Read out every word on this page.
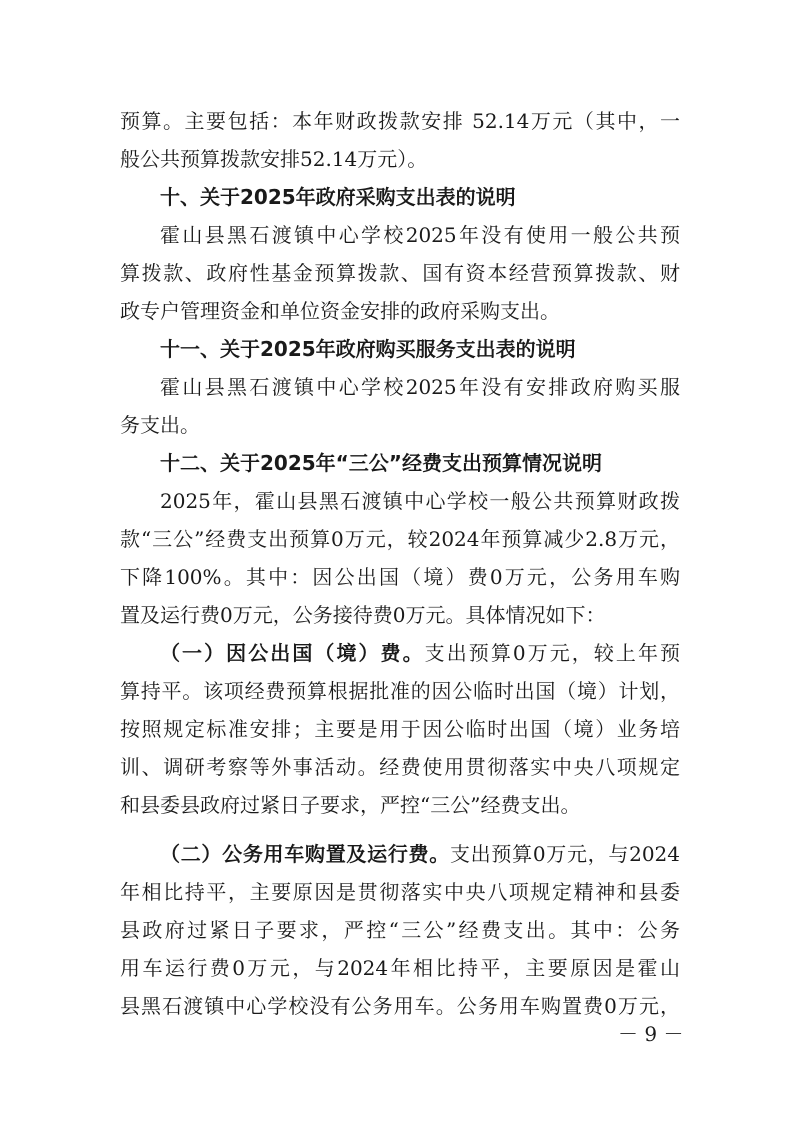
预算。主要包括：本年财政拨款安排 52.14万元（其中，一
般公共预算拨款安排52.14万元）。
十、关于2025年政府采购支出表的说明
霍山县黑石渡镇中心学校2025年没有使用一般公共预
算拨款、政府性基金预算拨款、国有资本经营预算拨款、财
政专户管理资金和单位资金安排的政府采购支出。
十一、关于2025年政府购买服务支出表的说明
霍山县黑石渡镇中心学校2025年没有安排政府购买服
务支出。
十二、关于2025年“三公”经费支出预算情况说明
2025年，霍山县黑石渡镇中心学校一般公共预算财政拨
款“三公”经费支出预算0万元，较2024年预算减少2.8万元，
下降100%。其中：因公出国（境）费0万元，公务用车购
置及运行费0万元，公务接待费0万元。具体情况如下：
（一）因公出国（境）费。支出预算0万元，较上年预
算持平。该项经费预算根据批准的因公临时出国（境）计划，
按照规定标准安排；主要是用于因公临时出国（境）业务培
训、调研考察等外事活动。经费使用贯彻落实中央八项规定
和县委县政府过紧日子要求，严控“三公”经费支出。
（二）公务用车购置及运行费。支出预算0万元，与2024
年相比持平，主要原因是贯彻落实中央八项规定精神和县委
县政府过紧日子要求，严控“三公”经费支出。其中：公务
用车运行费0万元，与2024年相比持平，主要原因是霍山
县黑石渡镇中心学校没有公务用车。公务用车购置费0万元，
－ 9 －
